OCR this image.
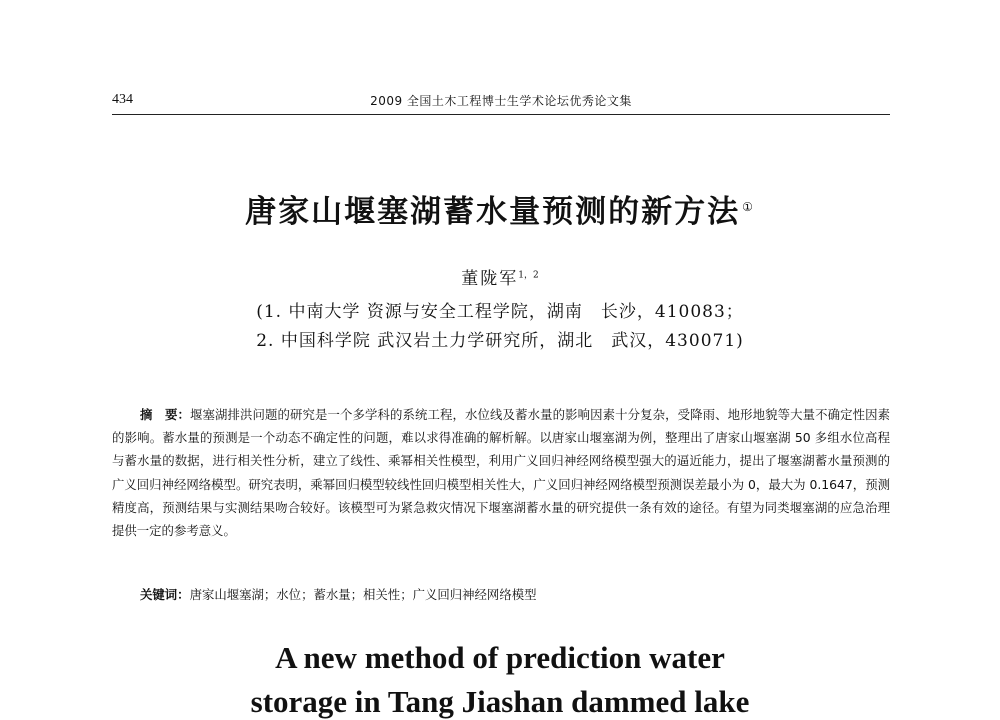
434	2009 全国土木工程博士生学术论坛优秀论文集
唐家山堰塞湖蓄水量预测的新方法 ①
董陇军$^{1,2}$
(1. 中南大学 资源与安全工程学院，湖南　长沙，410083；
2. 中国科学院 武汉岩土力学研究所，湖北　武汉，430071)

摘　要：堰塞湖排洪问题的研究是一个多学科的系统工程，水位线及蓄水量的影响因素十分复杂，受降雨、地形地貌等大量不确定性因素的影响。蓄水量的预测是一个动态不确定性的问题，难以求得准确的解析解。以唐家山堰塞湖为例，整理出了唐家山堰塞湖 50 多组水位高程与蓄水量的数据，进行相关性分析，建立了线性、乘幂相关性模型，利用广义回归神经网络模型强大的逼近能力，提出了堰塞湖蓄水量预测的广义回归神经网络模型。研究表明，乘幂回归模型较线性回归模型相关性大，广义回归神经网络模型预测误差最小为 0，最大为 0.1647，预测精度高，预测结果与实测结果吻合较好。该模型可为紧急救灾情况下堰塞湖蓄水量的研究提供一条有效的途径。有望为同类堰塞湖的应急治理提供一定的参考意义。

关键词：唐家山堰塞湖；水位；蓄水量；相关性；广义回归神经网络模型
A new method of prediction water
storage in Tang Jiashan dammed lake
